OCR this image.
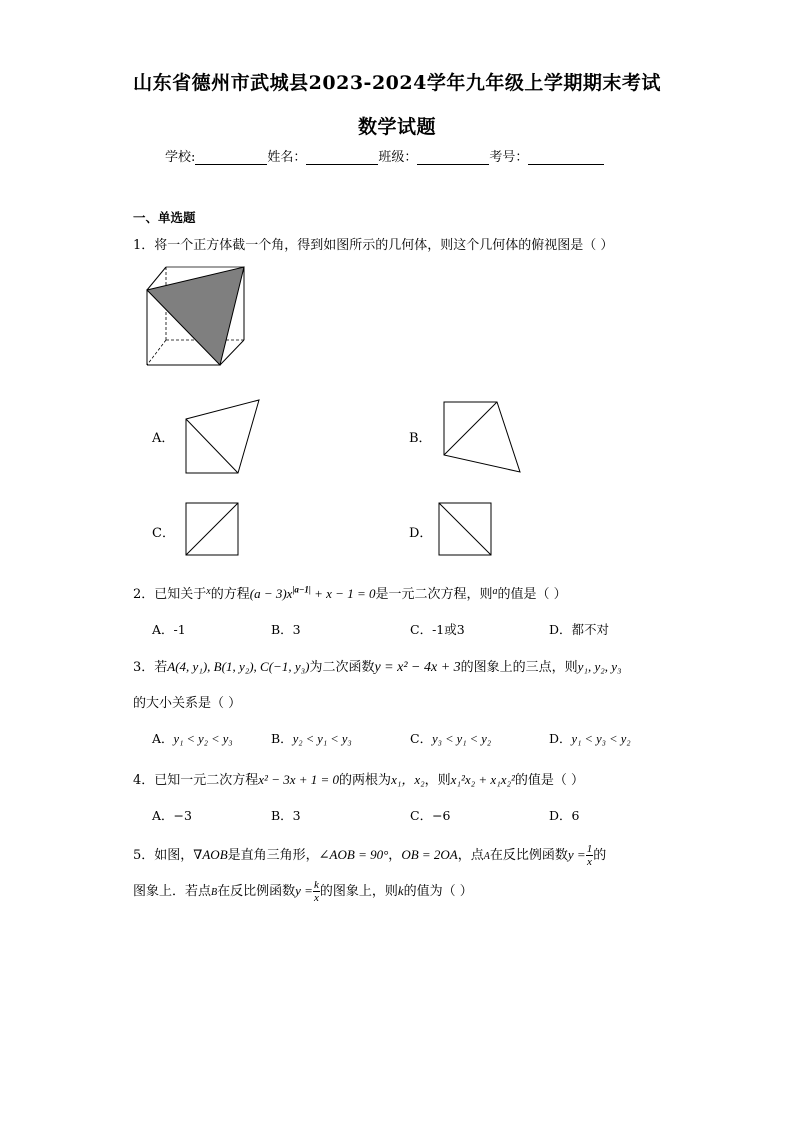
山东省德州市武城县2023-2024学年九年级上学期期末考试
数学试题
学校:	姓名：	班级：	考号：
一、单选题
1．将一个正方体截一个角，得到如图所示的几何体，则这个几何体的俯视图是（ ）
A．	B．
C．	D．
2．已知关于$^x$的方程$(a - 3)x^{|a-1|} + x - 1 = 0$是一元二次方程，则$^a$的值是（ ）
A．-1	B．3	C．-1或3	D．都不对
3．若A(4, y₁), B(1, y₂), C(−1, y₃)为二次函数y = x² − 4x + 3的图象上的三点，则y₁, y₂, y₃
的大小关系是（ ）
A．y₁ < y₂ < y₃	B．y₂ < y₁ < y₃	C．y₃ < y₁ < y₂	D．y₁ < y₃ < y₂
4．已知一元二次方程x² − 3x + 1 = 0的两根为x₁，x₂，则x₁²x₂ + x₁x₂²的值是（ ）
A．−3	B．3	C．−6	D．6
5．如图，∇AOB是直角三角形，∠AOB = 90°，OB = 2OA，点A在反比例函数$y = \frac{1}{x}$ 的
图象上．若点B在反比例函数$y = \frac{k}{x}$ 的图象上，则k的值为（ ）
